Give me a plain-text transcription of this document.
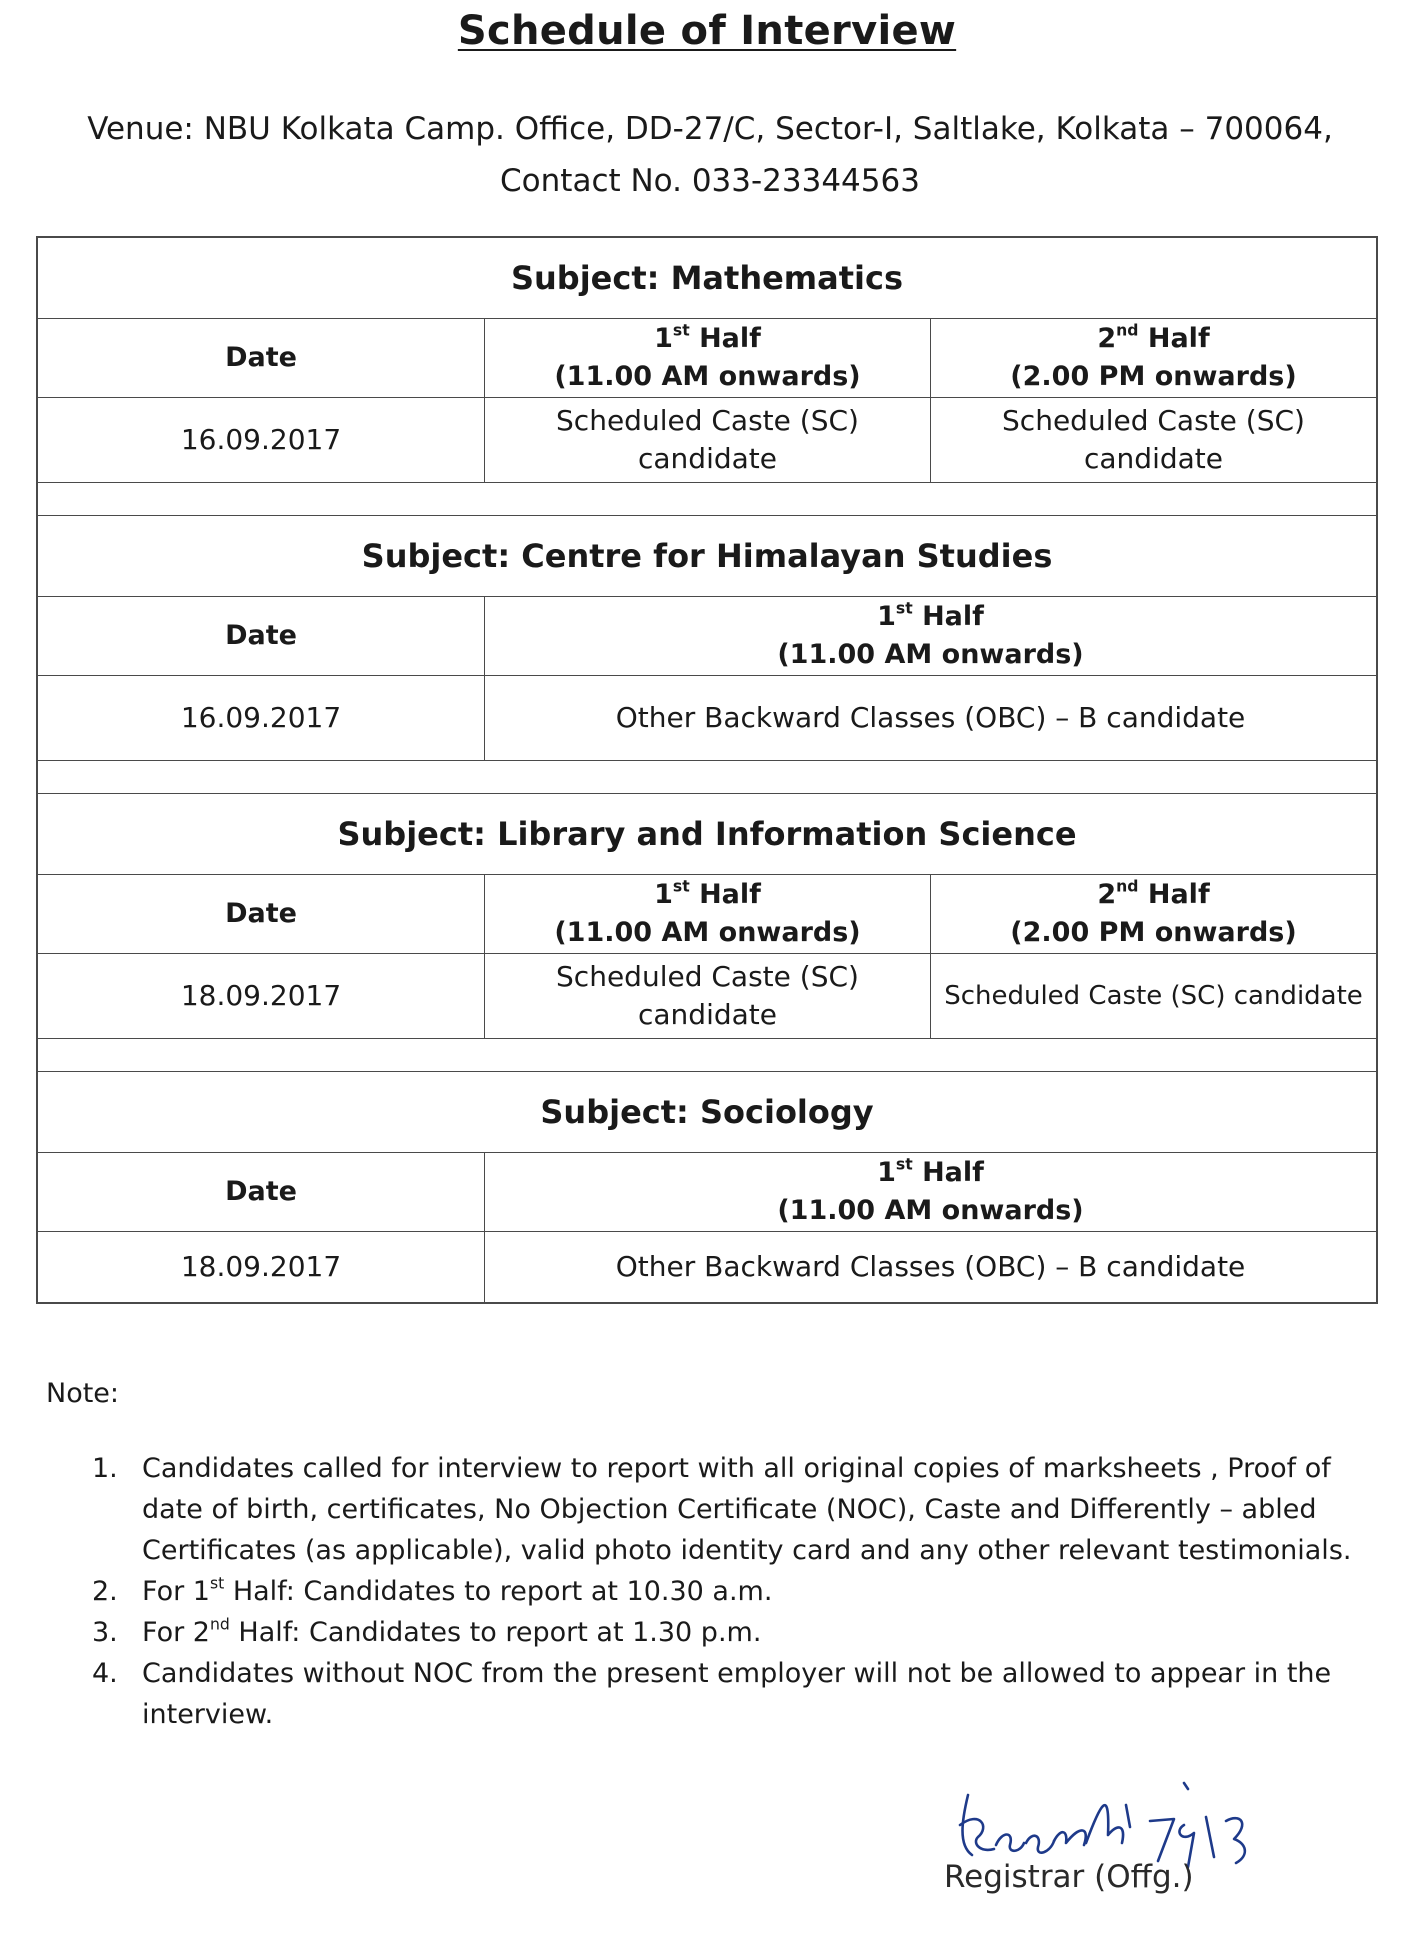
Schedule of Interview
Venue: NBU Kolkata Camp. Office, DD-27/C, Sector-I, Saltlake, Kolkata – 700064,
Contact No. 033-23344563
Subject: Mathematics
Date
1st Half
(11.00 AM onwards)
2nd Half
(2.00 PM onwards)
16.09.2017
Scheduled Caste (SC) candidate
Scheduled Caste (SC) candidate
Subject: Centre for Himalayan Studies
Date
1st Half
(11.00 AM onwards)
16.09.2017	Other Backward Classes (OBC) – B candidate
Subject: Library and Information Science
Date
1st Half
(11.00 AM onwards)
2nd Half
(2.00 PM onwards)
18.09.2017
Scheduled Caste (SC) candidate
Scheduled Caste (SC) candidate
Subject: Sociology
Date
1st Half
(11.00 AM onwards)
18.09.2017	Other Backward Classes (OBC) – B candidate
Note:
1. Candidates called for interview to report with all original copies of marksheets , Proof of date of birth, certificates, No Objection Certificate (NOC), Caste and Differently – abled Certificates (as applicable), valid photo identity card and any other relevant testimonials.
2. For 1st Half: Candidates to report at 10.30 a.m.
3. For 2nd Half: Candidates to report at 1.30 p.m.
4. Candidates without NOC from the present employer will not be allowed to appear in the interview.
Registrar (Offg.)
